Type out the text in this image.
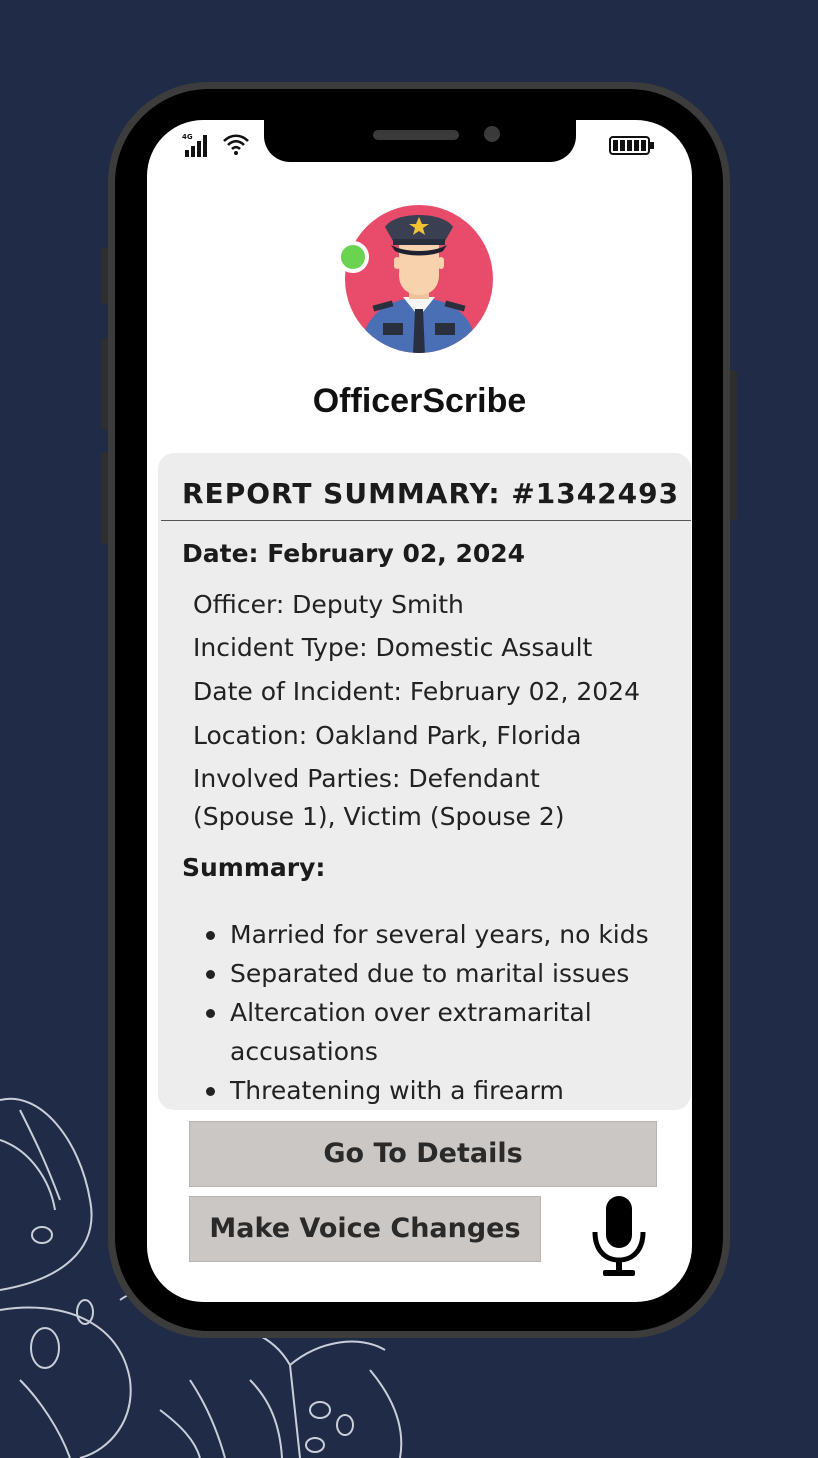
4G
OfficerScribe
REPORT SUMMARY: #1342493
Date: February 02, 2024
Officer: Deputy Smith
Incident Type: Domestic Assault
Date of Incident: February 02, 2024
Location: Oakland Park, Florida
Involved Parties: Defendant
(Spouse 1), Victim (Spouse 2)
Summary:
Married for several years, no kids
Separated due to marital issues
Altercation over extramarital accusations
Threatening with a firearm
Go To Details
Make Voice Changes
